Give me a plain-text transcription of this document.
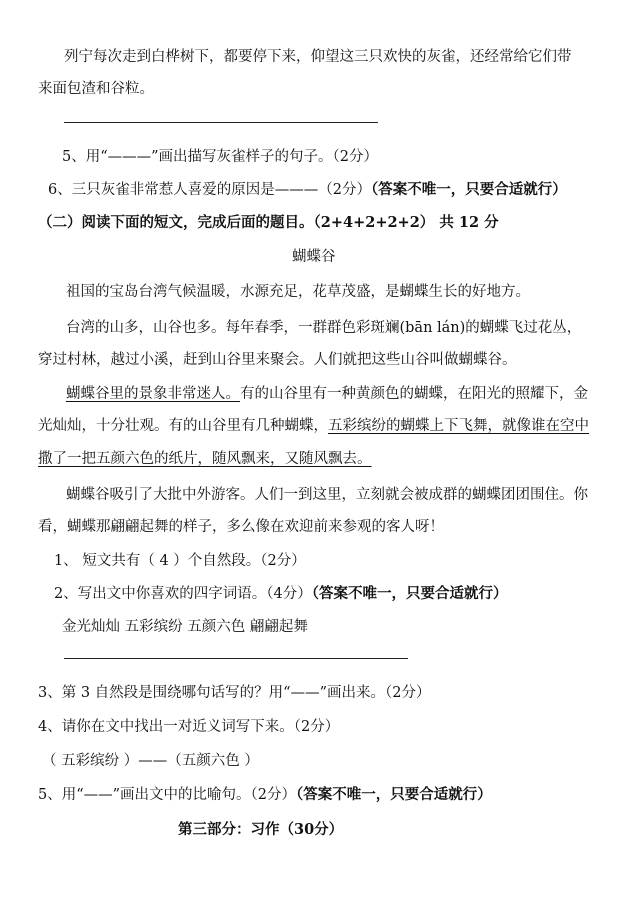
列宁每次走到白桦树下，都要停下来，仰望这三只欢快的灰雀，还经常给它们带
来面包渣和谷粒。
5、用“———”画出描写灰雀样子的句子。（2分）
6、三只灰雀非常惹人喜爱的原因是———（2分）（答案不唯一，只要合适就行）
（二）阅读下面的短文，完成后面的题目。（2+4+2+2+2） 共 12 分
蝴蝶谷
祖国的宝岛台湾气候温暖，水源充足，花草茂盛，是蝴蝶生长的好地方。
台湾的山多，山谷也多。每年春季，一群群色彩斑斓(bān lán)的蝴蝶飞过花丛，
穿过村林，越过小溪，赶到山谷里来聚会。人们就把这些山谷叫做蝴蝶谷。
蝴蝶谷里的景象非常迷人。有的山谷里有一种黄颜色的蝴蝶，在阳光的照耀下，金
光灿灿，十分壮观。有的山谷里有几种蝴蝶，五彩缤纷的蝴蝶上下飞舞，就像谁在空中
撒了一把五颜六色的纸片，随风飘来，又随风飘去。
蝴蝶谷吸引了大批中外游客。人们一到这里，立刻就会被成群的蝴蝶团团围住。你
看，蝴蝶那翩翩起舞的样子，多么像在欢迎前来参观的客人呀！
1、 短文共有（ 4 ）个自然段。（2分）
2、写出文中你喜欢的四字词语。（4分）（答案不唯一，只要合适就行）
金光灿灿 五彩缤纷 五颜六色 翩翩起舞
3、第 3 自然段是围绕哪句话写的？用“——”画出来。（2分）
4、请你在文中找出一对近义词写下来。（2分）
（ 五彩缤纷 ）——（五颜六色 ）
5、用“——”画出文中的比喻句。（2分）（答案不唯一，只要合适就行）
第三部分：习作（30分）
